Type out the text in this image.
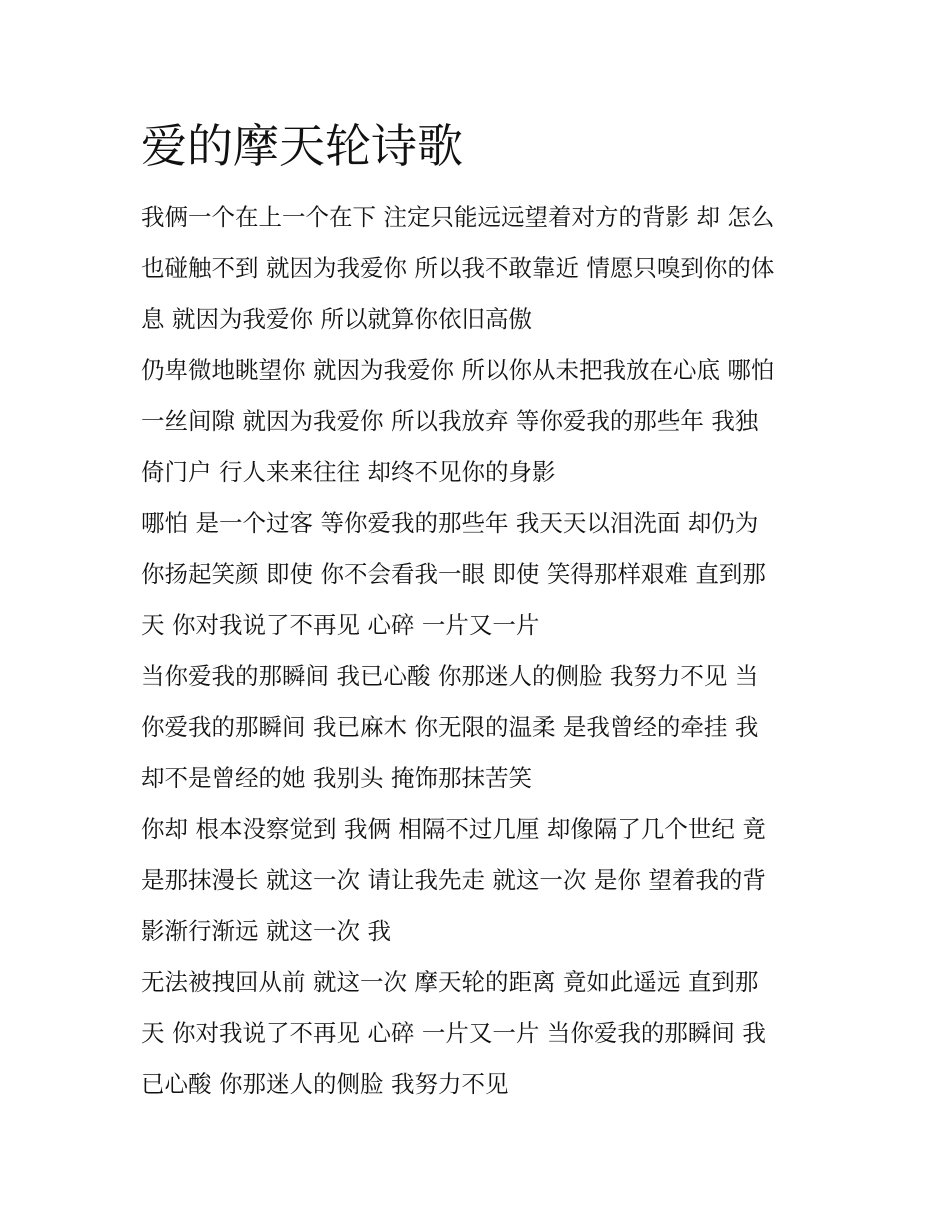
爱的摩天轮诗歌

我俩一个在上一个在下 注定只能远远望着对方的背影 却 怎么

也碰触不到 就因为我爱你 所以我不敢靠近 情愿只嗅到你的体

息 就因为我爱你 所以就算你依旧高傲

仍卑微地眺望你 就因为我爱你 所以你从未把我放在心底 哪怕

一丝间隙 就因为我爱你 所以我放弃 等你爱我的那些年 我独

倚门户 行人来来往往 却终不见你的身影

哪怕 是一个过客 等你爱我的那些年 我天天以泪洗面 却仍为

你扬起笑颜 即使 你不会看我一眼 即使 笑得那样艰难 直到那

天 你对我说了不再见 心碎 一片又一片

当你爱我的那瞬间 我已心酸 你那迷人的侧脸 我努力不见 当

你爱我的那瞬间 我已麻木 你无限的温柔 是我曾经的牵挂 我

却不是曾经的她 我别头 掩饰那抹苦笑

你却 根本没察觉到 我俩 相隔不过几厘 却像隔了几个世纪 竟

是那抹漫长 就这一次 请让我先走 就这一次 是你 望着我的背

影渐行渐远 就这一次 我

无法被拽回从前 就这一次 摩天轮的距离 竟如此遥远 直到那

天 你对我说了不再见 心碎 一片又一片 当你爱我的那瞬间 我

已心酸 你那迷人的侧脸 我努力不见
